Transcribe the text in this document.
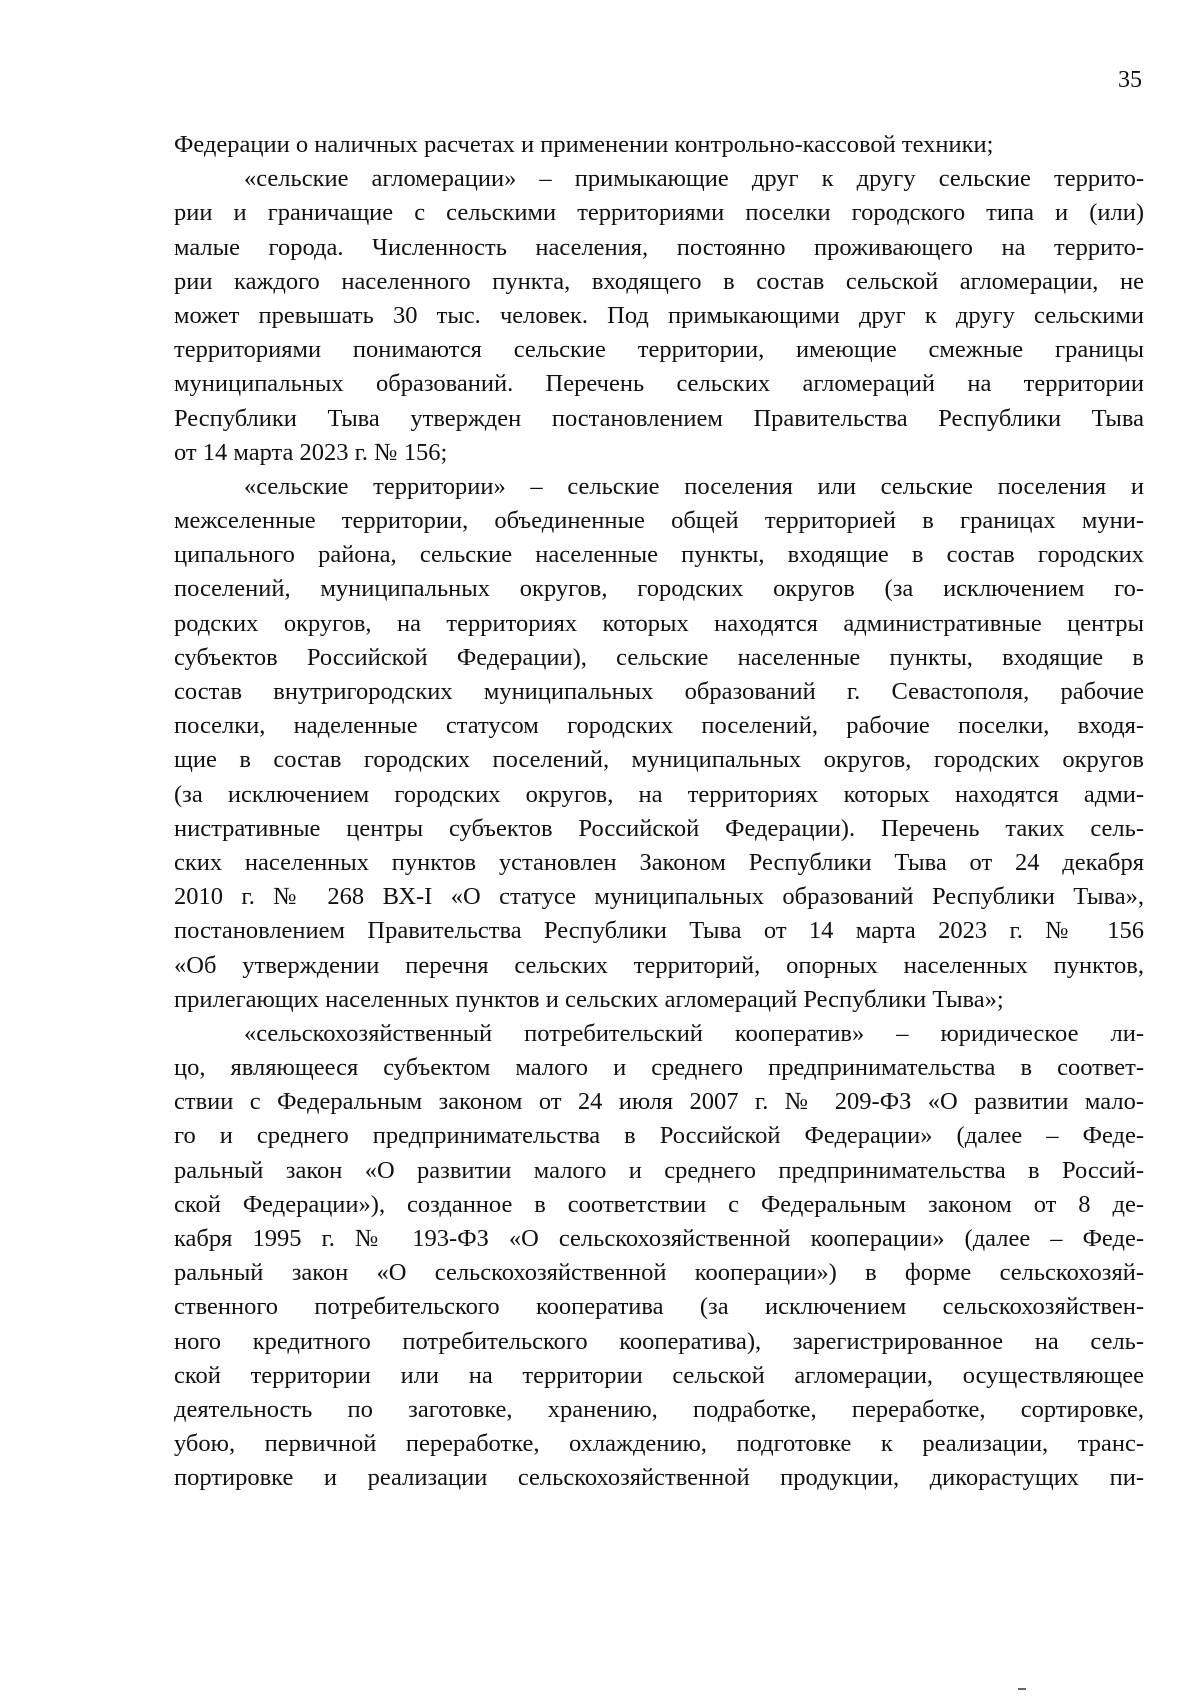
35
Федерации о наличных расчетах и применении контрольно-кассовой техники;
«сельские агломерации» – примыкающие друг к другу сельские террито-
рии и граничащие с сельскими территориями поселки городского типа и (или)
малые города. Численность населения, постоянно проживающего на террито-
рии каждого населенного пункта, входящего в состав сельской агломерации, не
может превышать 30 тыс. человек. Под примыкающими друг к другу сельскими
территориями понимаются сельские территории, имеющие смежные границы
муниципальных образований. Перечень сельских агломераций на территории
Республики Тыва утвержден постановлением Правительства Республики Тыва
от 14 марта 2023 г. № 156;
«сельские территории» – сельские поселения или сельские поселения и
межселенные территории, объединенные общей территорией в границах муни-
ципального района, сельские населенные пункты, входящие в состав городских
поселений, муниципальных округов, городских округов (за исключением го-
родских округов, на территориях которых находятся административные центры
субъектов Российской Федерации), сельские населенные пункты, входящие в
состав внутригородских муниципальных образований г. Севастополя, рабочие
поселки, наделенные статусом городских поселений, рабочие поселки, входя-
щие в состав городских поселений, муниципальных округов, городских округов
(за исключением городских округов, на территориях которых находятся адми-
нистративные центры субъектов Российской Федерации). Перечень таких сель-
ских населенных пунктов установлен Законом Республики Тыва от 24 декабря
2010 г. № 268 ВХ-I «О статусе муниципальных образований Республики Тыва»,
постановлением Правительства Республики Тыва от 14 марта 2023 г. № 156
«Об утверждении перечня сельских территорий, опорных населенных пунктов,
прилегающих населенных пунктов и сельских агломераций Республики Тыва»;
«сельскохозяйственный потребительский кооператив» – юридическое ли-
цо, являющееся субъектом малого и среднего предпринимательства в соответ-
ствии с Федеральным законом от 24 июля 2007 г. № 209-ФЗ «О развитии мало-
го и среднего предпринимательства в Российской Федерации» (далее – Феде-
ральный закон «О развитии малого и среднего предпринимательства в Россий-
ской Федерации»), созданное в соответствии с Федеральным законом от 8 де-
кабря 1995 г. № 193-ФЗ «О сельскохозяйственной кооперации» (далее – Феде-
ральный закон «О сельскохозяйственной кооперации») в форме сельскохозяй-
ственного потребительского кооператива (за исключением сельскохозяйствен-
ного кредитного потребительского кооператива), зарегистрированное на сель-
ской территории или на территории сельской агломерации, осуществляющее
деятельность по заготовке, хранению, подработке, переработке, сортировке,
убою, первичной переработке, охлаждению, подготовке к реализации, транс-
портировке и реализации сельскохозяйственной продукции, дикорастущих пи-
